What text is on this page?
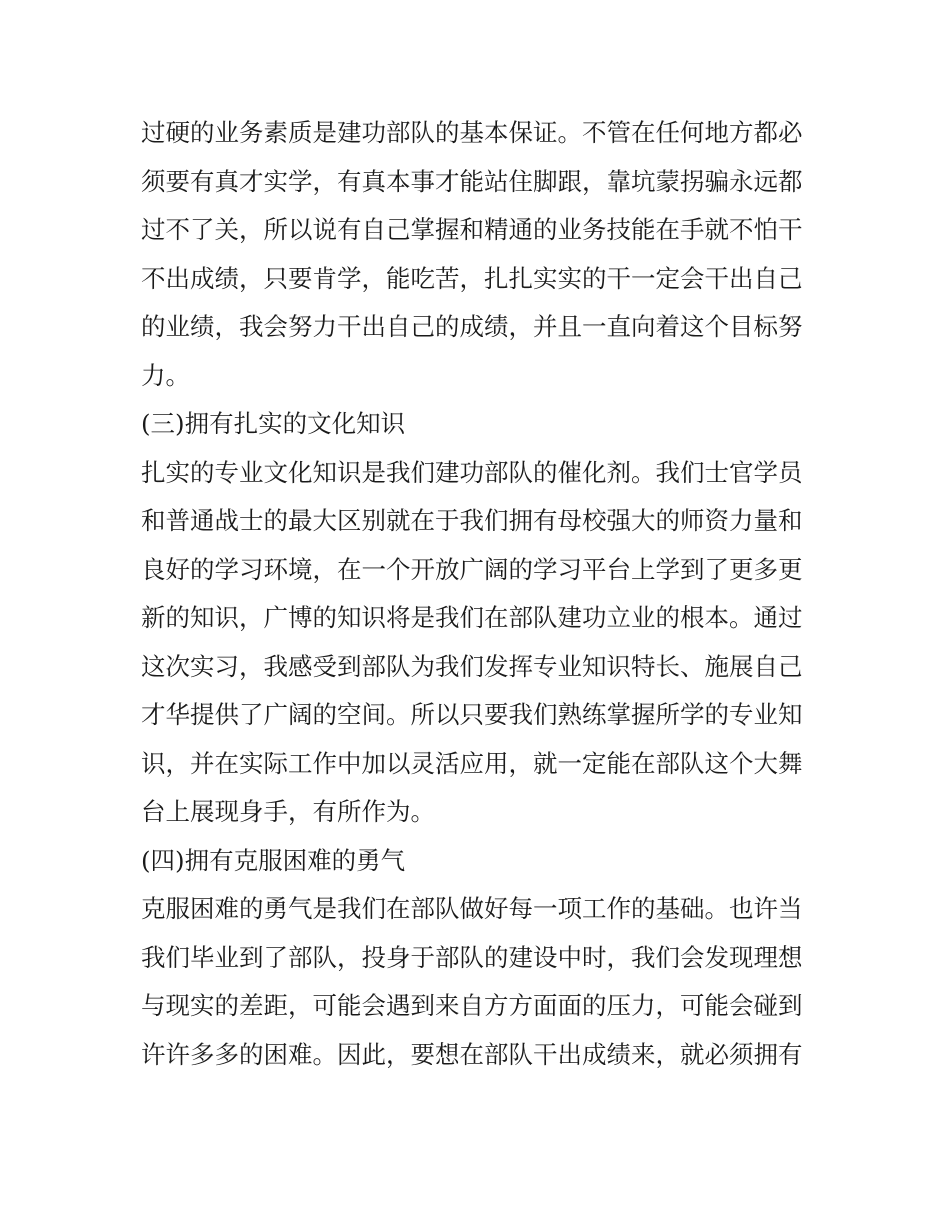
过硬的业务素质是建功部队的基本保证。不管在任何地方都必
须要有真才实学，有真本事才能站住脚跟，靠坑蒙拐骗永远都
过不了关，所以说有自己掌握和精通的业务技能在手就不怕干
不出成绩，只要肯学，能吃苦，扎扎实实的干一定会干出自己
的业绩，我会努力干出自己的成绩，并且一直向着这个目标努
力。
(三)拥有扎实的文化知识
扎实的专业文化知识是我们建功部队的催化剂。我们士官学员
和普通战士的最大区别就在于我们拥有母校强大的师资力量和
良好的学习环境，在一个开放广阔的学习平台上学到了更多更
新的知识，广博的知识将是我们在部队建功立业的根本。通过
这次实习，我感受到部队为我们发挥专业知识特长、施展自己
才华提供了广阔的空间。所以只要我们熟练掌握所学的专业知
识，并在实际工作中加以灵活应用，就一定能在部队这个大舞
台上展现身手，有所作为。
(四)拥有克服困难的勇气
克服困难的勇气是我们在部队做好每一项工作的基础。也许当
我们毕业到了部队，投身于部队的建设中时，我们会发现理想
与现实的差距，可能会遇到来自方方面面的压力，可能会碰到
许许多多的困难。因此，要想在部队干出成绩来，就必须拥有
